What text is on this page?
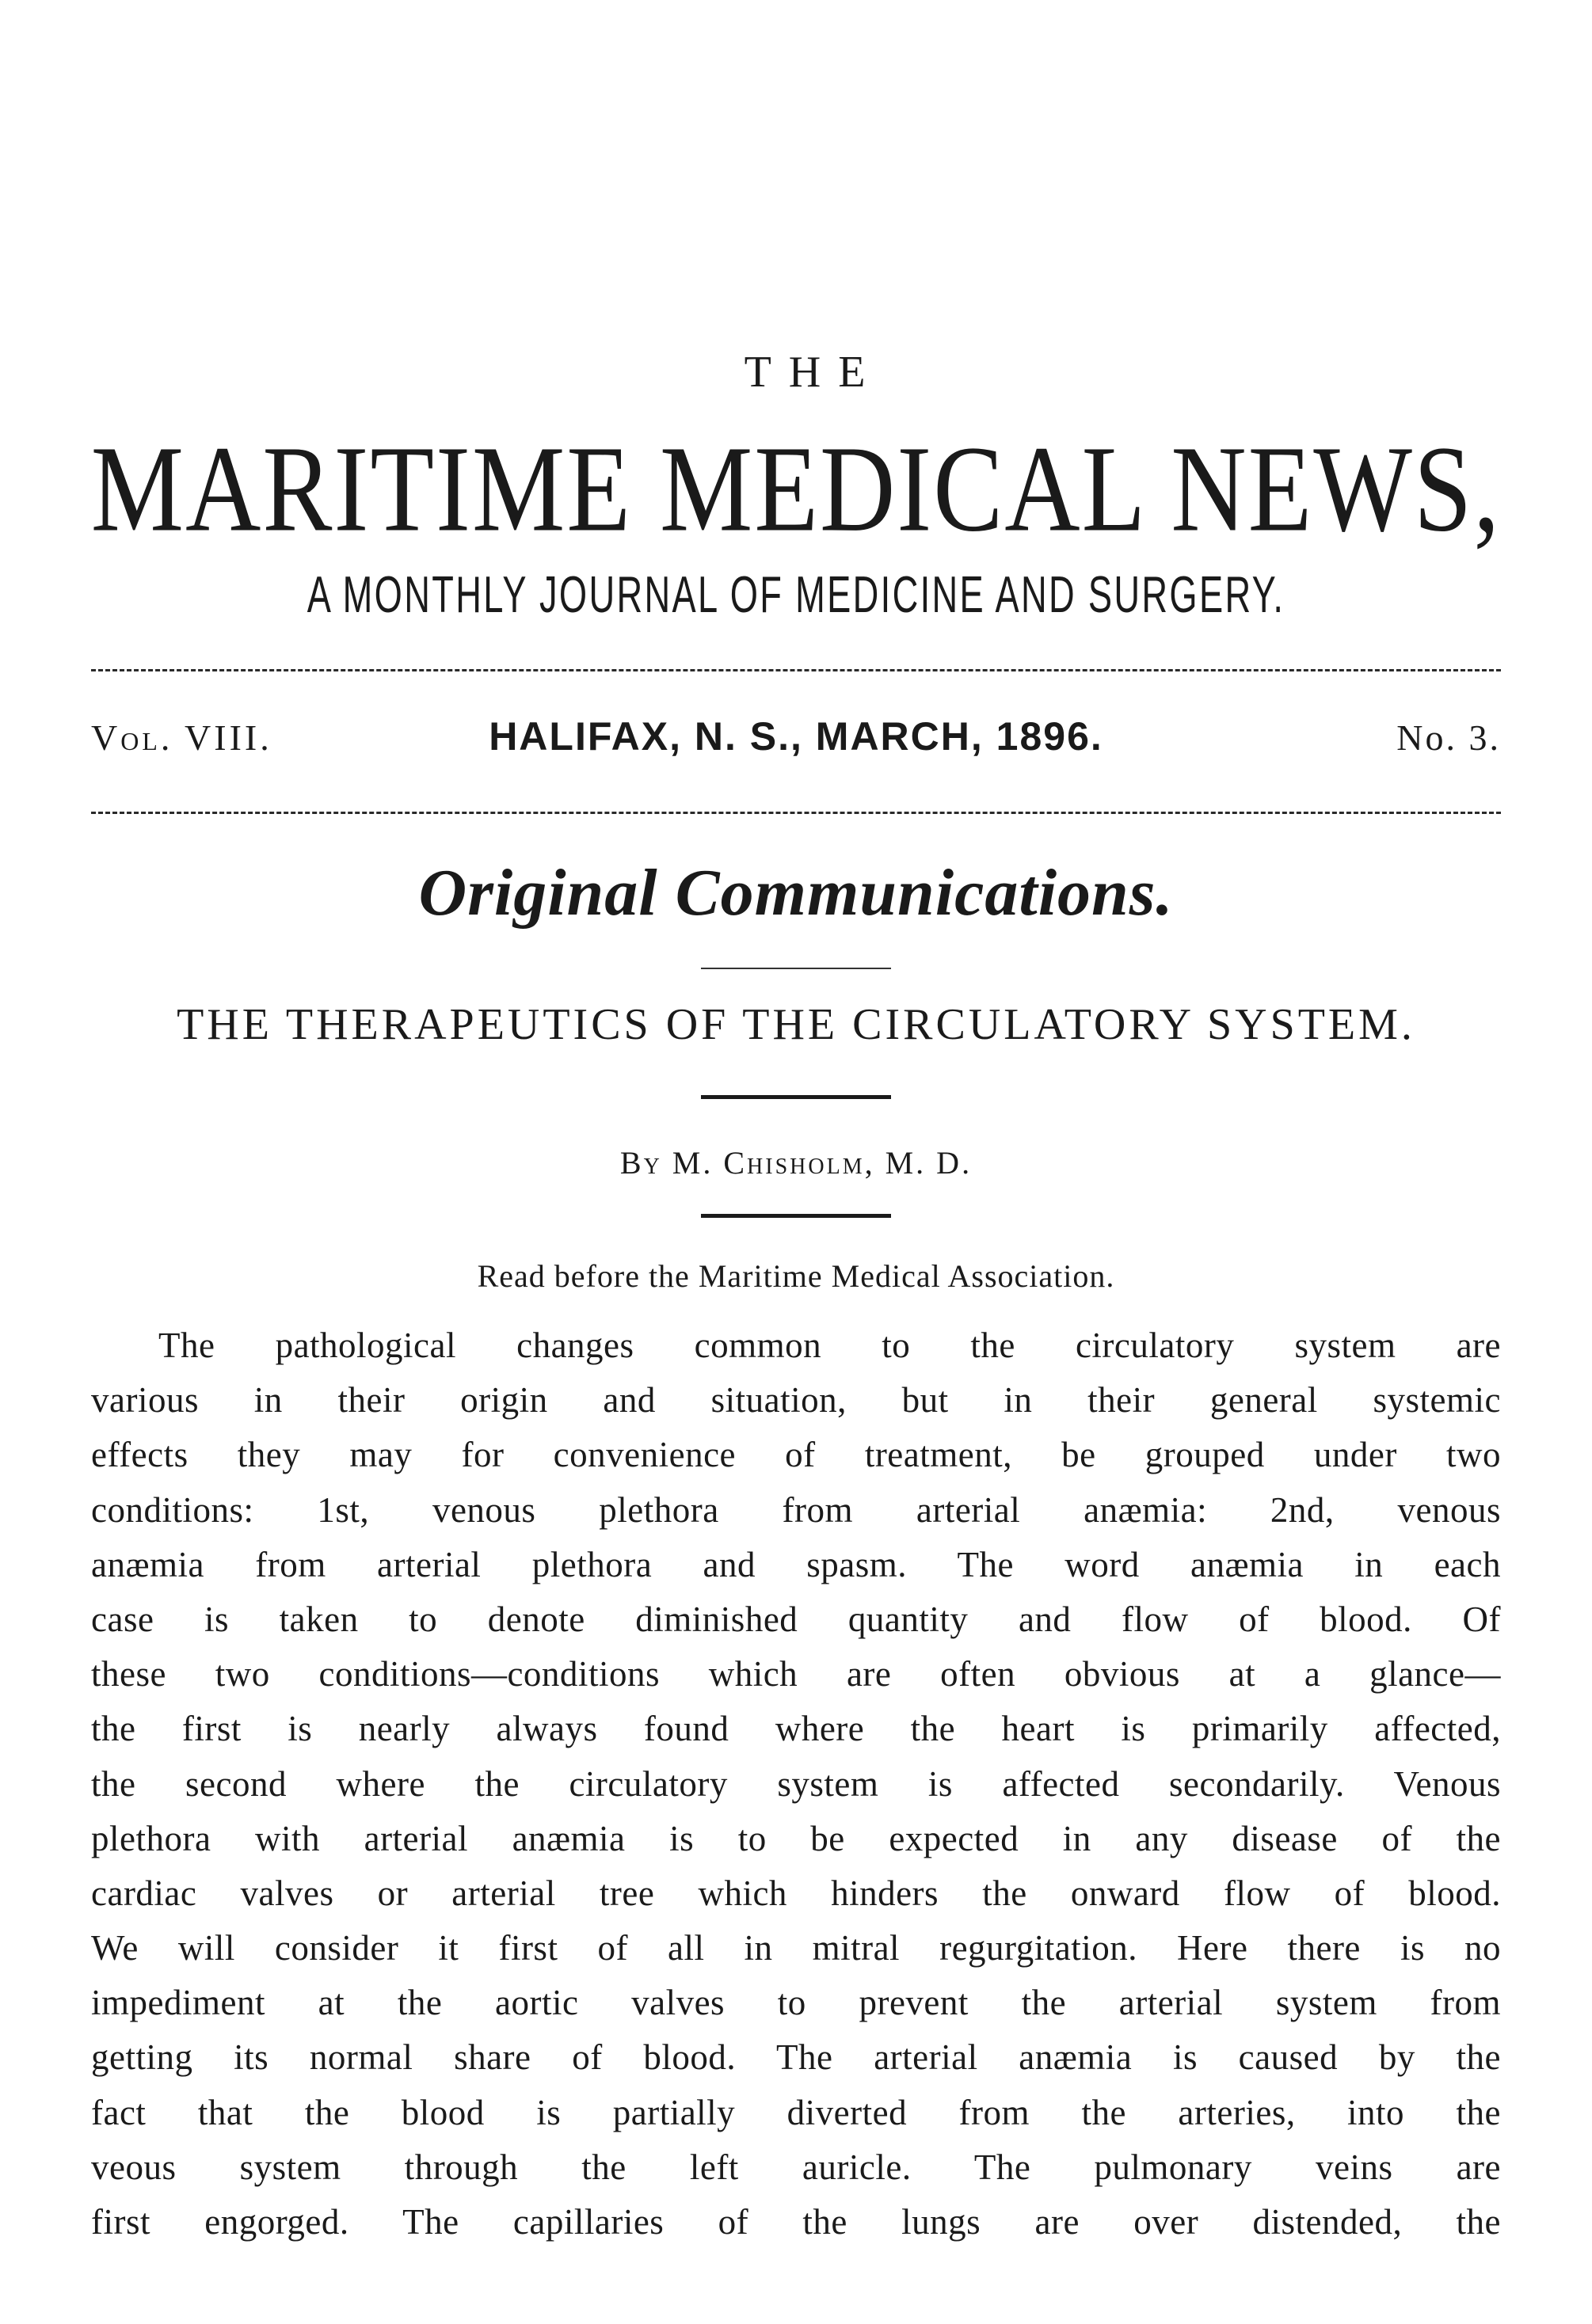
THE
MARITIME MEDICAL NEWS,
A MONTHLY JOURNAL OF MEDICINE AND SURGERY.
Vol. VIII.	HALIFAX, N. S., MARCH, 1896.	No. 3.
Original Communications.
THE THERAPEUTICS OF THE CIRCULATORY SYSTEM.
By M. Chisholm, M. D.
Read before the Maritime Medical Association.
The pathological changes common to the circulatory system are
various in their origin and situation, but in their general systemic
effects they may for convenience of treatment, be grouped under two
conditions: 1st, venous plethora from arterial anæmia: 2nd, venous
anæmia from arterial plethora and spasm. The word anæmia in each
case is taken to denote diminished quantity and flow of blood. Of
these two conditions—conditions which are often obvious at a glance—
the first is nearly always found where the heart is primarily affected,
the second where the circulatory system is affected secondarily. Venous
plethora with arterial anæmia is to be expected in any disease of the
cardiac valves or arterial tree which hinders the onward flow of blood.
We will consider it first of all in mitral regurgitation. Here there is no
impediment at the aortic valves to prevent the arterial system from
getting its normal share of blood. The arterial anæmia is caused by the
fact that the blood is partially diverted from the arteries, into the
veous system through the left auricle. The pulmonary veins are
first engorged. The capillaries of the lungs are over distended, the
